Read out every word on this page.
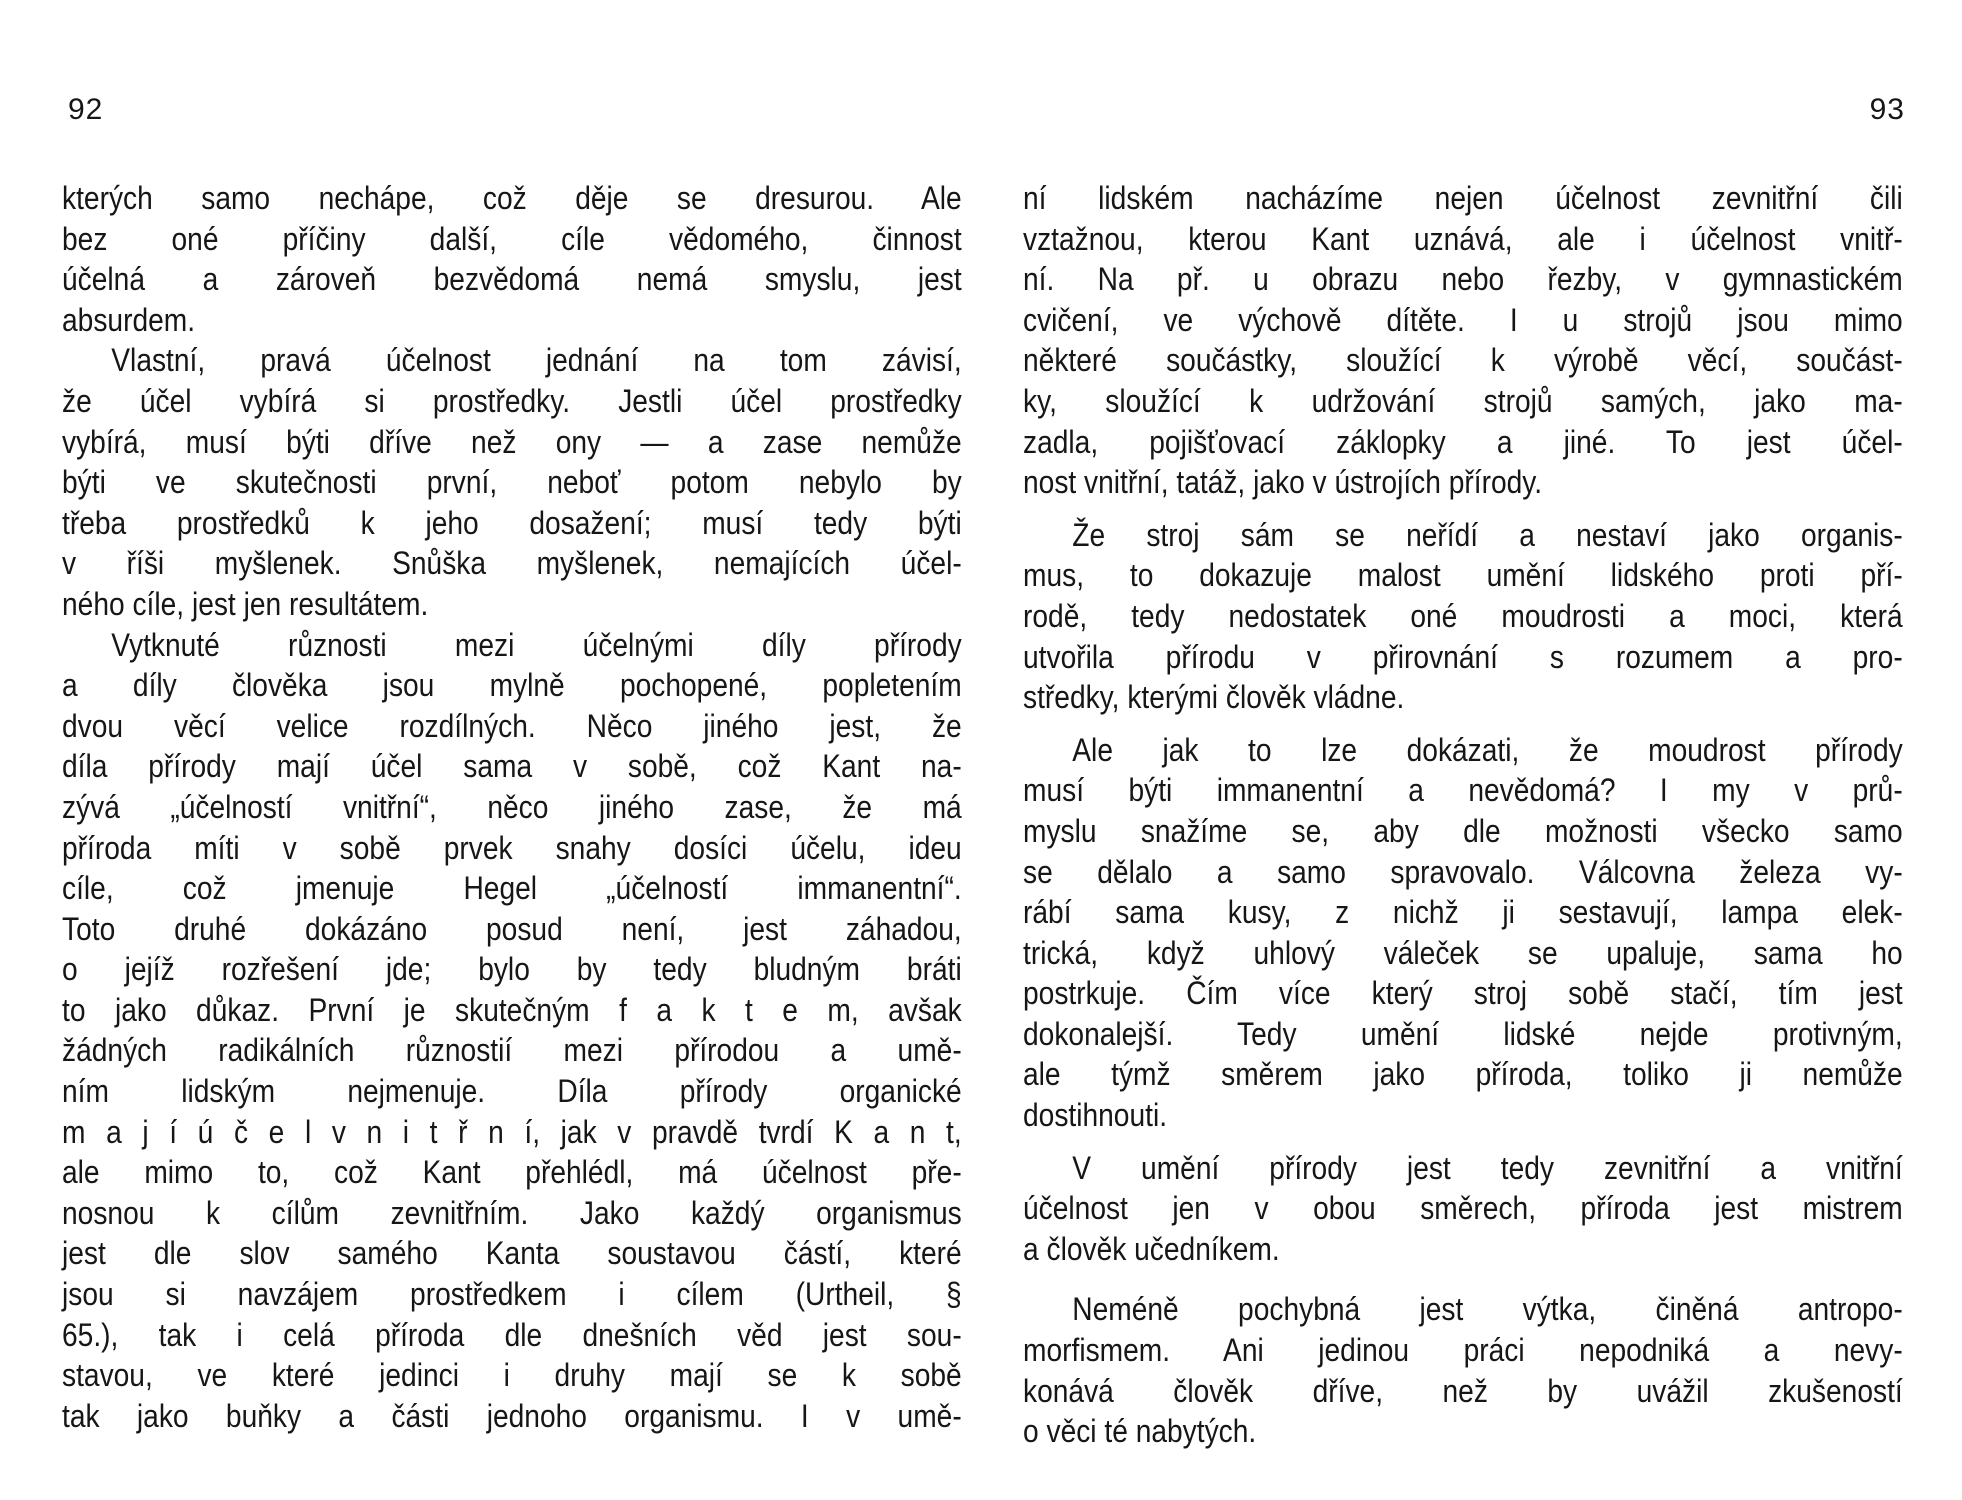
92
kterých samo nechápe, což děje se dresurou. Ale
bez oné příčiny další, cíle vědomého, činnost
účelná a zároveň bezvědomá nemá smyslu, jest
absurdem.
Vlastní, pravá účelnost jednání na tom závisí,
že účel vybírá si prostředky. Jestli účel prostředky
vybírá, musí býti dříve než ony — a zase nemůže
býti ve skutečnosti první, neboť potom nebylo by
třeba prostředků k jeho dosažení; musí tedy býti
v říši myšlenek. Snůška myšlenek, nemajících účel-
ného cíle, jest jen resultátem.
Vytknuté různosti mezi účelnými díly přírody
a díly člověka jsou mylně pochopené, popletením
dvou věcí velice rozdílných. Něco jiného jest, že
díla přírody mají účel sama v sobě, což Kant na-
zývá „účelností vnitřní“, něco jiného zase, že má
příroda míti v sobě prvek snahy dosíci účelu, ideu
cíle, což jmenuje Hegel „účelností immanentní“.
Toto druhé dokázáno posud není, jest záhadou,
o jejíž rozřešení jde; bylo by tedy bludným bráti
to jako důkaz. První je skutečným f a k t e m, avšak
žádných radikálních různostií mezi přírodou a umě-
ním lidským nejmenuje. Díla přírody organické
m a j í ú č e l v n i t ř n í, jak v pravdě tvrdí K a n t,
ale mimo to, což Kant přehlédl, má účelnost pře-
nosnou k cílům zevnitřním. Jako každý organismus
jest dle slov samého Kanta soustavou částí, které
jsou si navzájem prostředkem i cílem (Urtheil, §
65.), tak i celá příroda dle dnešních věd jest sou-
stavou, ve které jedinci i druhy mají se k sobě
tak jako buňky a části jednoho organismu. I v umě-
93
ní lidském nacházíme nejen účelnost zevnitřní čili
vztažnou, kterou Kant uznává, ale i účelnost vnitř-
ní. Na př. u obrazu nebo řezby, v gymnastickém
cvičení, ve výchově dítěte. I u strojů jsou mimo
některé součástky, sloužící k výrobě věcí, součást-
ky, sloužící k udržování strojů samých, jako ma-
zadla, pojišťovací záklopky a jiné. To jest účel-
nost vnitřní, tatáž, jako v ústrojích přírody.
Že stroj sám se neřídí a nestaví jako organis-
mus, to dokazuje malost umění lidského proti pří-
rodě, tedy nedostatek oné moudrosti a moci, která
utvořila přírodu v přirovnání s rozumem a pro-
středky, kterými člověk vládne.
Ale jak to lze dokázati, že moudrost přírody
musí býti immanentní a nevědomá? I my v prů-
myslu snažíme se, aby dle možnosti všecko samo
se dělalo a samo spravovalo. Válcovna železa vy-
rábí sama kusy, z nichž ji sestavují, lampa elek-
trická, když uhlový váleček se upaluje, sama ho
postrkuje. Čím více který stroj sobě stačí, tím jest
dokonalejší. Tedy umění lidské nejde protivným,
ale týmž směrem jako příroda, toliko ji nemůže
dostihnouti.
V umění přírody jest tedy zevnitřní a vnitřní
účelnost jen v obou směrech, příroda jest mistrem
a člověk učedníkem.
Neméně pochybná jest výtka, činěná antropo-
morfismem. Ani jedinou práci nepodniká a nevy-
konává člověk dříve, než by uvážil zkušeností
o věci té nabytých.
